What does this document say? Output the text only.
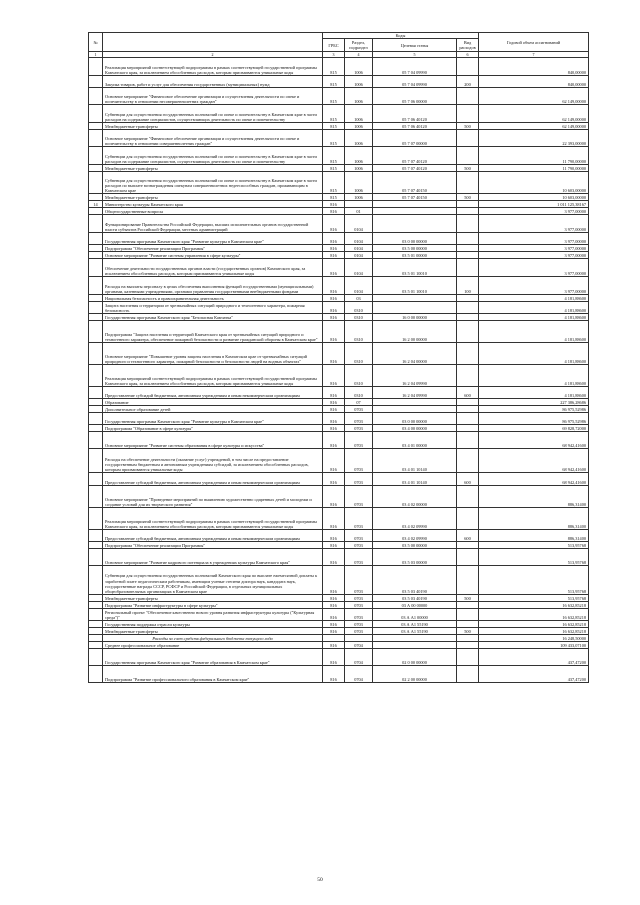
№		Коды				Годовой объем ассигнований
		ГРБС	Раздел, подраздел	Целевая статья	Вид расходов	
1	2	3	4	5	6	7
	Реализация мероприятий соответствующей подпрограммы в рамках соответствующей государственной программы Камчатского края, за исключением обособленных расходов, которым присваиваются уникальные коды	815	1006	05 7 04 09990		840,00000
	Закупка товаров, работ и услуг для обеспечения государственных (муниципальных) нужд	815	1006	05 7 04 09990	200	840,00000
	Основное мероприятие "Финансовое обеспечение организации и осуществления деятельности по опеке и попечительству в отношении несовершеннолетних граждан"	815	1006	05 7 06 00000		62 149,00000
	Субвенции для осуществления государственных полномочий по опеке и попечительству в Камчатском крае в части расходов на содержание специалистов, осуществляющих деятельность по опеке и попечительству	815	1006	05 7 06 40120		62 149,00000
	Межбюджетные трансферты	815	1006	05 7 06 40120	500	62 149,00000
	Основное мероприятие "Финансовое обеспечение организации и осуществления деятельности по опеке и попечительству в отношении совершеннолетних граждан"	815	1006	05 7 07 00000		22 393,00000
	Субвенции для осуществления государственных полномочий по опеке и попечительству в Камчатском крае в части расходов на содержание специалистов, осуществляющих деятельность по опеке и попечительству	815	1006	05 7 07 40120		11 790,00000
	Межбюджетные трансферты	815	1006	05 7 07 40120	500	11 790,00000
	Субвенции для осуществления государственных полномочий по опеке и попечительству в Камчатском крае в части расходов по выплате вознаграждения опекунам совершеннолетних недееспособных граждан, проживающим в Камчатском крае	815	1006	05 7 07 40150		10 603,00000
	Межбюджетные трансферты	815	1006	05 7 07 40150	500	10 603,00000
14	Министерство культуры Камчатского края	816				1 011 125,38167
	Общегосударственные вопросы	816	01			3 977,00000
	Функционирование Правительства Российской Федерации, высших исполнительных органов государственной власти субъектов Российской Федерации, местных администраций	816	0104			3 977,00000
	Государственная программа Камчатского края "Развитие культуры в Камчатском крае"	816	0104	03 0 00 00000		3 977,00000
	Подпрограмма "Обеспечение реализации Программы"	816	0104	03 5 00 00000		3 977,00000
	Основное мероприятие "Развитие системы управления в сфере культуры"	816	0104	03 5 01 00000		3 977,00000
	Обеспечение деятельности государственных органов власти (государственных органов) Камчатского края, за исключением обособленных расходов, которым присваиваются уникальные коды	816	0104	03 5 01 10010		3 977,00000
	Расходы на выплаты персоналу в целях обеспечения выполнения функций государственными (муниципальными) органами, казенными учреждениями, органами управления государственными внебюджетными фондами	816	0104	03 5 01 10010	100	3 977,00000
	Национальная безопасность и правоохранительная деятельность	816	03			4 181,88600
	Защита населения и территории от чрезвычайных ситуаций природного и техногенного характера, пожарная безопасность	816	0310			4 181,88600
	Государственная программа Камчатского края "Безопасная Камчатка"	816	0310	16 0 00 00000		4 181,88600
	Подпрограмма "Защита населения и территорий Камчатского края от чрезвычайных ситуаций природного и техногенного характера, обеспечение пожарной безопасности и развитие гражданской обороны в Камчатском крае"	816	0310	16 2 00 00000		4 181,88600
	Основное мероприятие "Повышение уровня защиты населения в Камчатском крае от чрезвычайных ситуаций природного и техногенного характера, пожарной безопасности и безопасности людей на водных объектах"	816	0310	16 2 04 00000		4 181,88600
	Реализация мероприятий соответствующей подпрограммы в рамках соответствующей государственной программы Камчатского края, за исключением обособленных расходов, которым присваиваются уникальные коды	816	0310	16 2 04 09990		4 181,88600
	Предоставление субсидий бюджетным, автономным учреждениям и иным некоммерческим организациям	816	0310	16 2 04 09990	600	4 181,88600
	Образование	816	07			227 386,28686
	Дополнительное образование детей	816	0703			86 975,52986
	Государственная программа Камчатского края "Развитие культуры в Камчатском крае"	816	0703	03 0 00 00000		86 975,52986
	Подпрограмма "Образование в сфере культуры"	816	0703	03 4 00 00000		69 828,72000
	Основное мероприятие "Развитие системы образования в сфере культуры и искусства"	816	0703	03 4 01 00000		68 942,41600
	Расходы на обеспечение деятельности (оказание услуг) учреждений, в том числе на предоставление государственным бюджетным и автономным учреждениям субсидий, за исключением обособленных расходов, которым присваиваются уникальные коды	816	0703	03 4 01 10140		68 942,41600
	Предоставление субсидий бюджетным, автономным учреждениям и иным некоммерческим организациям	816	0703	03 4 01 10140	600	68 942,41600
	Основное мероприятие "Проведение мероприятий по выявлению художественно одаренных детей и молодежи и создание условий для их творческого развития"	816	0703	03 4 02 00000		886,31400
	Реализация мероприятий соответствующей подпрограммы в рамках соответствующей государственной программы Камчатского края, за исключением обособленных расходов, которым присваиваются уникальные коды	816	0703	03 4 02 09990		886,31400
	Предоставление субсидий бюджетным, автономным учреждениям и иным некоммерческим организациям	816	0703	03 4 02 09990	600	886,31400
	Подпрограмма "Обеспечение реализации Программы"	816	0703	03 5 00 00000		513,95768
	Основное мероприятие "Развитие кадрового потенциала в учреждениях культуры Камчатского края"	816	0703	03 5 03 00000		513,95768
	Субвенции для осуществления государственных полномочий Камчатского края по выплате ежемесячной доплаты к заработной плате педагогическим работникам, имеющим ученые степени доктора наук, кандидата наук, государственные награды СССР, РСФСР и Российской Федерации, в отдельных муниципальных общеобразовательных организациях в Камчатском крае	816	0703	03 5 03 40190		513,95768
	Межбюджетные трансферты	816	0703	03 5 03 40190	500	513,95768
	Подпрограмма "Развитие инфраструктуры в сфере культуры"	816	0703	03 А 00 00000		16 632,85218
	Региональный проект "Обеспечение качественно нового уровня развития инфраструктуры культуры ("Культурная среда")"	816	0703	03 А А1 00000		16 632,85218
	Государственная поддержка отрасли культуры	816	0703	03 А А1 55190		16 632,85218
	Межбюджетные трансферты	816	0703	03 А А1 55190	500	16 632,85218
	Расходы за счет средств федерального бюджета текущего года					16 248,50000
	Среднее профессиональное образование	816	0704			109 433,07100
	Государственная программа Камчатского края "Развитие образования в Камчатском крае"	816	0704	02 0 00 00000		437,47200
	Подпрограмма "Развитие профессионального образования в Камчатском крае"	816	0704	02 2 00 00000		437,47200
50
